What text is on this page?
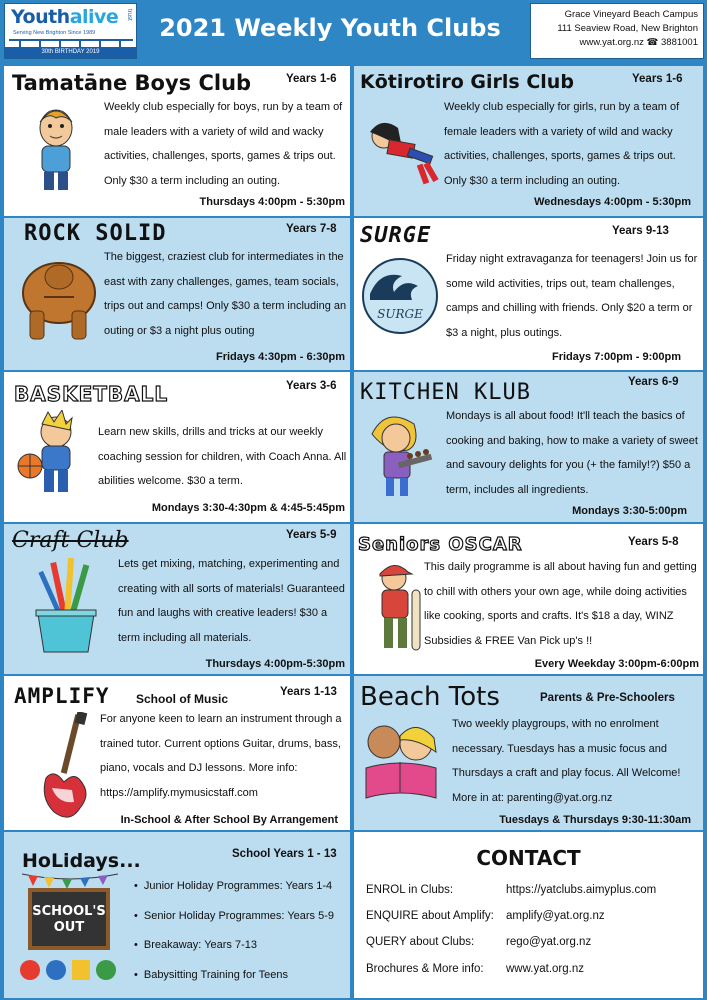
Youthalive trust
Serving New Brighton Since 1989
30th BIRTHDAY 2019
2021 Weekly Youth Clubs	Grace Vineyard Beach Campus
111 Seaview Road, New Brighton
www.yat.org.nz ☎ 3881001
Tamatāne Boys Club	Years 1-6
Weekly club especially for boys, run by a team of male leaders with a variety of wild and wacky activities, challenges, sports, games & trips out. Only $30 a term including an outing.
Thursdays 4:00pm - 5:30pm
Kōtirotiro Girls Club	Years 1-6
Weekly club especially for girls, run by a team of female leaders with a variety of wild and wacky activities, challenges, sports, games & trips out. Only $30 a term including an outing.
Wednesdays 4:00pm - 5:30pm
ROCK SOLID	Years 7-8
The biggest, craziest club for intermediates in the east with zany challenges, games, team socials, trips out and camps! Only $30 a term including an outing or $3 a night plus outing
Fridays 4:30pm - 6:30pm
SURGE	Years 9-13
SURGE
Friday night extravaganza for teenagers! Join us for some wild activities, trips out, team challenges, camps and chilling with friends. Only $20 a term or $3 a night, plus outings.
Fridays 7:00pm - 9:00pm
BASKETBALL	Years 3-6
Learn new skills, drills and tricks at our weekly coaching session for children, with Coach Anna. All abilities welcome. $30 a term.
Mondays 3:30-4:30pm & 4:45-5:45pm
KITCHEN KLUB	Years 6-9
Mondays is all about food! It'll teach the basics of cooking and baking, how to make a variety of sweet and savoury delights for you (+ the family!?) $50 a term, includes all ingredients.
Mondays 3:30-5:00pm
Craft Club	Years 5-9
Lets get mixing, matching, experimenting and creating with all sorts of materials! Guaranteed fun and laughs with creative leaders! $30 a term including all materials.
Thursdays 4:00pm-5:30pm
Seniors OSCAR	Years 5-8
This daily programme is all about having fun and getting to chill with others your own age, while doing activities like cooking, sports and crafts. It's $18 a day, WINZ Subsidies & FREE Van Pick up's !!
Every Weekday 3:00pm-6:00pm
AMPLIFY School of Music	Years 1-13
For anyone keen to learn an instrument through a trained tutor. Current options Guitar, drums, bass, piano, vocals and DJ lessons. More info: https://amplify.mymusicstaff.com
In-School & After School By Arrangement
Beach Tots	Parents & Pre-Schoolers
Two weekly playgroups, with no enrolment necessary. Tuesdays has a music focus and Thursdays a craft and play focus. All Welcome! More in at: parenting@yat.org.nz
Tuesdays & Thursdays 9:30-11:30am
HoLidays...	School Years 1 - 13
SCHOOL'S
OUT
• Junior Holiday Programmes: Years 1-4
• Senior Holiday Programmes: Years 5-9
• Breakaway: Years 7-13
• Babysitting Training for Teens
CONTACT
ENROL in Clubs:	https://yatclubs.aimyplus.com
ENQUIRE about Amplify: amplify@yat.org.nz
QUERY about Clubs:	rego@yat.org.nz
Brochures & More info: www.yat.org.nz
